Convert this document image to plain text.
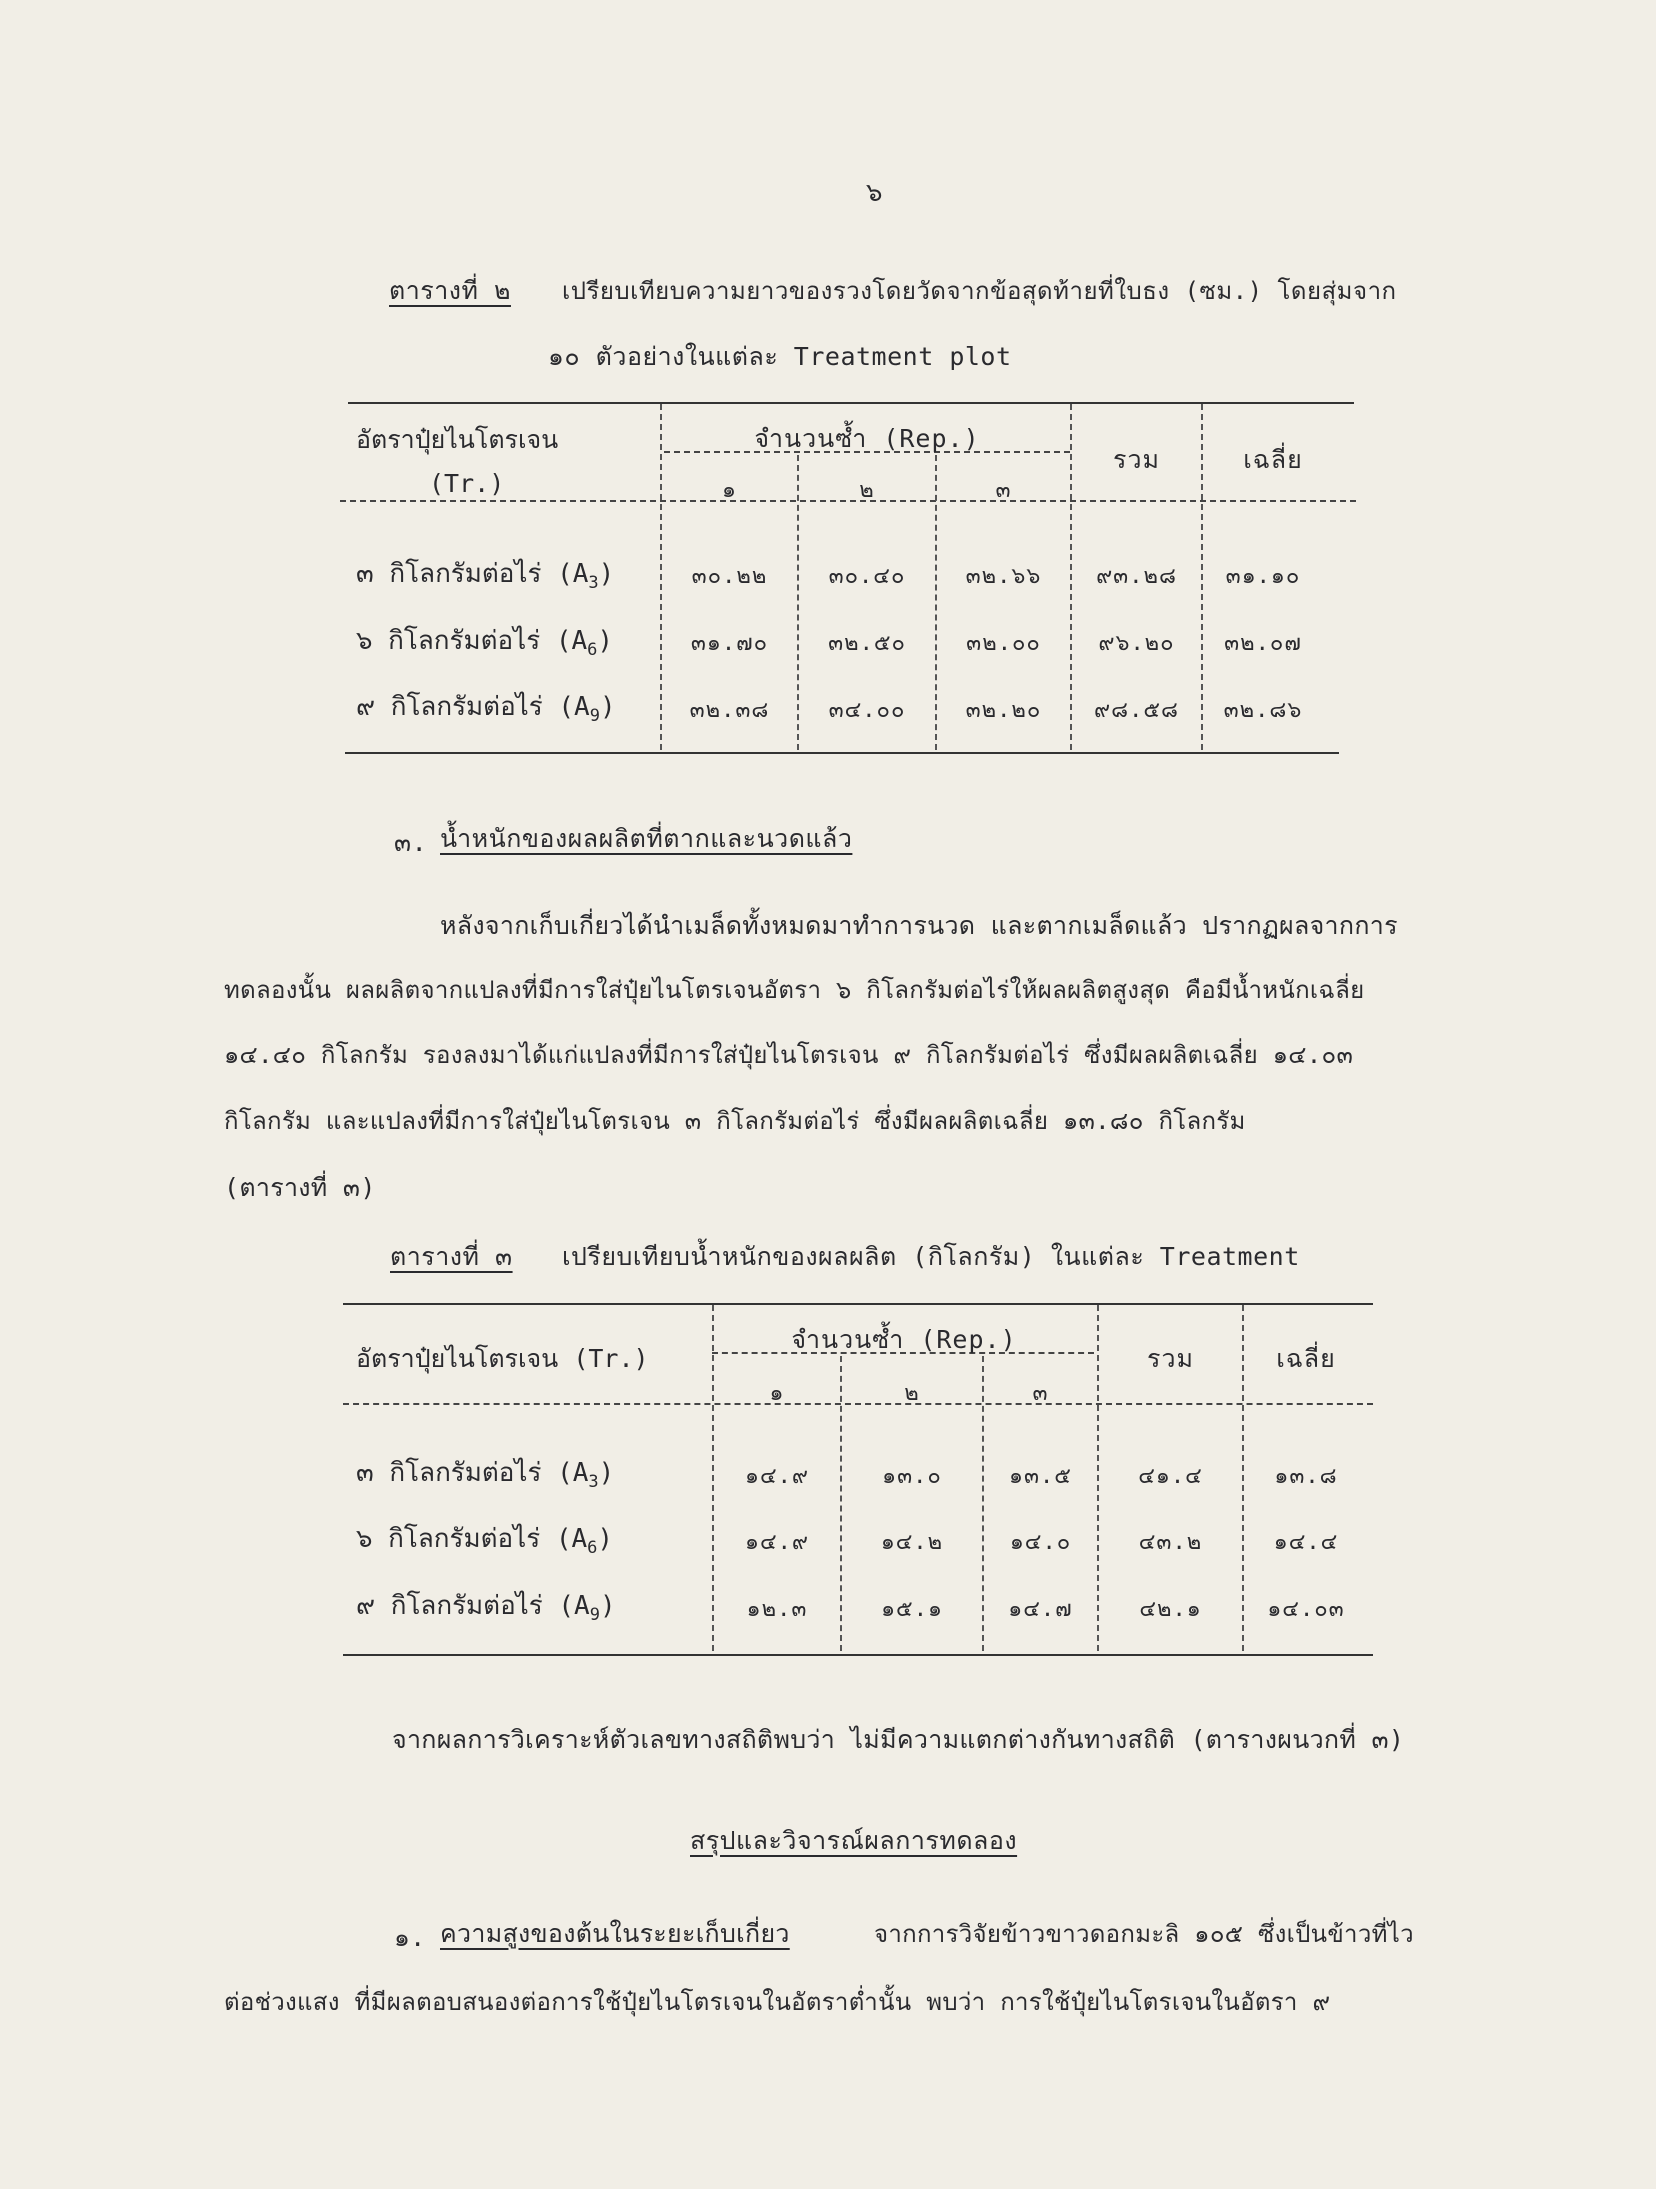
๖
ตารางที่ ๒ เปรียบเทียบความยาวของรวงโดยวัดจากข้อสุดท้ายที่ใบธง (ซม.) โดยสุ่มจาก
๑๐ ตัวอย่างในแต่ละ Treatment plot
อัตราปุ๋ยไนโตรเจน
(Tr.)
จำนวนซ้ำ (Rep.)
๑	๒	๓
รวม	เฉลี่ย
๓ กิโลกรัมต่อไร่ $(A_3)$	๓๐.๒๒	๓๐.๔๐	๓๒.๖๖	๙๓.๒๘	๓๑.๑๐
๖ กิโลกรัมต่อไร่ $(A_6)$	๓๑.๗๐	๓๒.๕๐	๓๒.๐๐	๙๖.๒๐	๓๒.๐๗
๙ กิโลกรัมต่อไร่ $(A_9)$	๓๒.๓๘	๓๔.๐๐	๓๒.๒๐	๙๘.๕๘	๓๒.๘๖
๓. น้ำหนักของผลผลิตที่ตากและนวดแล้ว
หลังจากเก็บเกี่ยวได้นำเมล็ดทั้งหมดมาทำการนวด และตากเมล็ดแล้ว ปรากฏผลจากการ
ทดลองนั้น ผลผลิตจากแปลงที่มีการใส่ปุ๋ยไนโตรเจนอัตรา ๖ กิโลกรัมต่อไร่ให้ผลผลิตสูงสุด คือมีน้ำหนักเฉลี่ย
๑๔.๔๐ กิโลกรัม รองลงมาได้แก่แปลงที่มีการใส่ปุ๋ยไนโตรเจน ๙ กิโลกรัมต่อไร่ ซึ่งมีผลผลิตเฉลี่ย ๑๔.๐๓
กิโลกรัม และแปลงที่มีการใส่ปุ๋ยไนโตรเจน ๓ กิโลกรัมต่อไร่ ซึ่งมีผลผลิตเฉลี่ย ๑๓.๘๐ กิโลกรัม
(ตารางที่ ๓)
ตารางที่ ๓ เปรียบเทียบน้ำหนักของผลผลิต (กิโลกรัม) ในแต่ละ Treatment
อัตราปุ๋ยไนโตรเจน (Tr.)
จำนวนซ้ำ (Rep.)
๑	๒	๓
รวม	เฉลี่ย
๓ กิโลกรัมต่อไร่ $(A_3)$	๑๔.๙	๑๓.๐	๑๓.๕	๔๑.๔	๑๓.๘
๖ กิโลกรัมต่อไร่ $(A_6)$	๑๔.๙	๑๔.๒	๑๔.๐	๔๓.๒	๑๔.๔
๙ กิโลกรัมต่อไร่ $(A_9)$	๑๒.๓	๑๕.๑	๑๔.๗	๔๒.๑	๑๔.๐๓
จากผลการวิเคราะห์ตัวเลขทางสถิติพบว่า ไม่มีความแตกต่างกันทางสถิติ (ตารางผนวกที่ ๓)
สรุปและวิจารณ์ผลการทดลอง
๑. ความสูงของต้นในระยะเก็บเกี่ยว	จากการวิจัยข้าวขาวดอกมะลิ ๑๐๕ ซึ่งเป็นข้าวที่ไว
ต่อช่วงแสง ที่มีผลตอบสนองต่อการใช้ปุ๋ยไนโตรเจนในอัตราต่ำนั้น พบว่า การใช้ปุ๋ยไนโตรเจนในอัตรา ๙
